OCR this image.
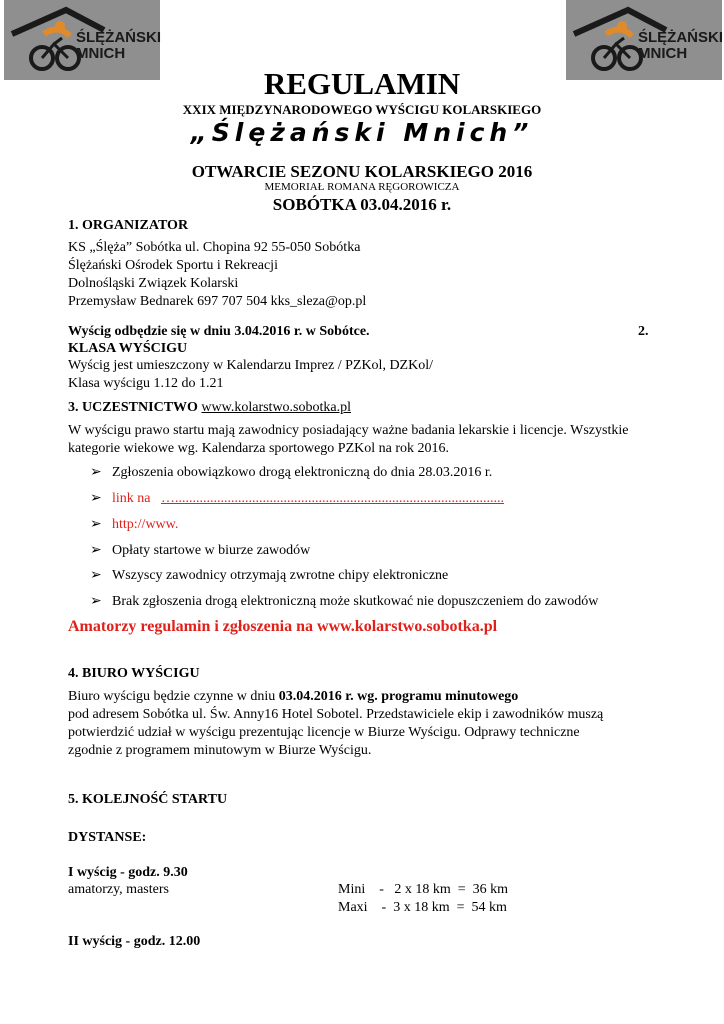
ŚLĘŻAŃSKI
MNICH
ŚLĘŻAŃSKI
MNICH
REGULAMIN
XXIX MIĘDZYNARODOWEGO WYŚCIGU KOLARSKIEGO
„Ślężański Mnich”
OTWARCIE SEZONU KOLARSKIEGO 2016
MEMORIAŁ ROMANA RĘGOROWICZA
SOBÓTKA 03.04.2016 r.
1. ORGANIZATOR
KS „Ślęża” Sobótka ul. Chopina 92 55-050 Sobótka
Ślężański Ośrodek Sportu i Rekreacji
Dolnośląski Związek Kolarski
Przemysław Bednarek 697 707 504 kks_sleza@op.pl
Wyścig odbędzie się w dniu 3.04.2016 r. w Sobótce.	2.
KLASA WYŚCIGU
Wyścig jest umieszczony w Kalendarzu Imprez / PZKol, DZKol/
Klasa wyścigu 1.12 do 1.21
3. UCZESTNICTWO www.kolarstwo.sobotka.pl
W wyścigu prawo startu mają zawodnicy posiadający ważne badania lekarskie i licencje. Wszystkie
kategorie wiekowe wg. Kalendarza sportowego PZKol na rok 2016.
➢ Zgłoszenia obowiązkowo drogą elektroniczną do dnia 28.03.2016 r.
➢ link na …..............................................................................................
➢ http://www.
➢ Opłaty startowe w biurze zawodów
➢ Wszyscy zawodnicy otrzymają zwrotne chipy elektroniczne
➢ Brak zgłoszenia drogą elektroniczną może skutkować nie dopuszczeniem do zawodów
Amatorzy regulamin i zgłoszenia na www.kolarstwo.sobotka.pl
4. BIURO WYŚCIGU
Biuro wyścigu będzie czynne w dniu 03.04.2016 r. wg. programu minutowego
pod adresem Sobótka ul. Św. Anny16 Hotel Sobotel. Przedstawiciele ekip i zawodników muszą
potwierdzić udział w wyścigu prezentując licencje w Biurze Wyścigu. Odprawy techniczne
zgodnie z programem minutowym w Biurze Wyścigu.
5. KOLEJNOŚĆ STARTU
DYSTANSE:
I wyścig - godz. 9.30
amatorzy, masters	Mini    -   2 x 18 km  =  36 km
Maxi    -  3 x 18 km  =  54 km
II wyścig - godz. 12.00
